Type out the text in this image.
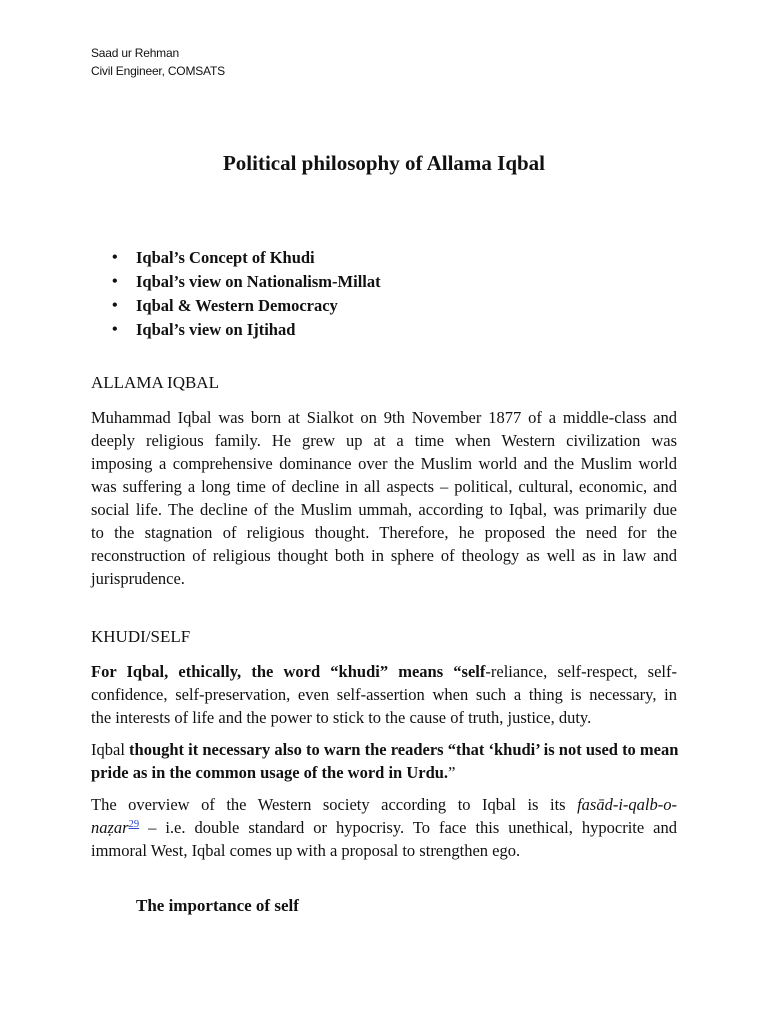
Saad ur Rehman
Civil Engineer, COMSATS
Political philosophy of Allama Iqbal
• Iqbal’s Concept of Khudi
• Iqbal’s view on Nationalism-Millat
• Iqbal & Western Democracy
• Iqbal’s view on Ijtihad
ALLAMA IQBAL
Muhammad Iqbal was born at Sialkot on 9th November 1877 of a middle-class and
deeply religious family. He grew up at a time when Western civilization was
imposing a comprehensive dominance over the Muslim world and the Muslim world
was suffering a long time of decline in all aspects – political, cultural, economic, and
social life. The decline of the Muslim ummah, according to Iqbal, was primarily due
to the stagnation of religious thought. Therefore, he proposed the need for the
reconstruction of religious thought both in sphere of theology as well as in law and
jurisprudence.
KHUDI/SELF
For Iqbal, ethically, the word “khudi” means “self-reliance, self-respect, self-
confidence, self-preservation, even self-assertion when such a thing is necessary, in
the interests of life and the power to stick to the cause of truth, justice, duty.
Iqbal thought it necessary also to warn the readers “that ‘khudi’ is not used to mean
pride as in the common usage of the word in Urdu.”
The overview of the Western society according to Iqbal is its fasād-i-qalb-o-
naẓar$^{29}$ – i.e. double standard or hypocrisy. To face this unethical, hypocrite and
immoral West, Iqbal comes up with a proposal to strengthen ego.
The importance of self
